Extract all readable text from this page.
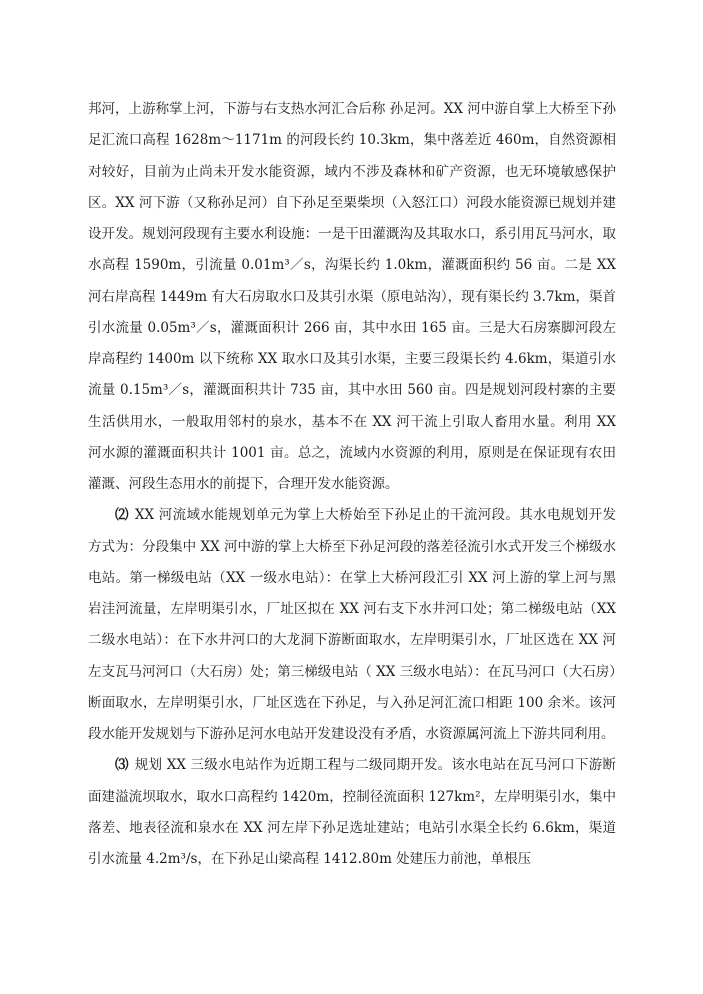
邦河，上游称掌上河，下游与右支热水河汇合后称 孙足河。XX 河中游自掌上大桥至下孙足汇流口高程 1628m～1171m 的河段长约 10.3km，集中落差近 460m，自然资源相对较好，目前为止尚未开发水能资源，域内不涉及森林和矿产资源，也无环境敏感保护区。XX 河下游（又称孙足河）自下孙足至栗柴坝（入怒江口）河段水能资源已规划并建设开发。规划河段现有主要水利设施：一是干田灌溉沟及其取水口，系引用瓦马河水，取水高程 1590m，引流量 0.01m³／s，沟渠长约 1.0km，灌溉面积约 56 亩。二是 XX 河右岸高程 1449m 有大石房取水口及其引水渠（原电站沟），现有渠长约 3.7km，渠首引水流量 0.05m³／s，灌溉面积计 266 亩，其中水田 165 亩。三是大石房寨脚河段左岸高程约 1400m 以下统称 XX 取水口及其引水渠，主要三段渠长约 4.6km，渠道引水流量 0.15m³／s，灌溉面积共计 735 亩，其中水田 560 亩。四是规划河段村寨的主要生活供用水，一般取用邻村的泉水，基本不在 XX 河干流上引取人畜用水量。利用 XX 河水源的灌溉面积共计 1001 亩。总之，流域内水资源的利用，原则是在保证现有农田灌溉、河段生态用水的前提下，合理开发水能资源。

⑵ XX 河流域水能规划单元为掌上大桥始至下孙足止的干流河段。其水电规划开发方式为：分段集中 XX 河中游的掌上大桥至下孙足河段的落差径流引水式开发三个梯级水电站。第一梯级电站（XX 一级水电站）：在掌上大桥河段汇引 XX 河上游的掌上河与黑岩洼河流量，左岸明渠引水，厂址区拟在 XX 河右支下水井河口处；第二梯级电站（XX 二级水电站）：在下水井河口的大龙洞下游断面取水，左岸明渠引水，厂址区选在 XX 河左支瓦马河河口（大石房）处；第三梯级电站（ XX 三级水电站）：在瓦马河口（大石房）断面取水，左岸明渠引水，厂址区选在下孙足，与入孙足河汇流口相距 100 余米。该河段水能开发规划与下游孙足河水电站开发建设没有矛盾，水资源属河流上下游共同利用。

⑶ 规划 XX 三级水电站作为近期工程与二级同期开发。该水电站在瓦马河口下游断面建溢流坝取水，取水口高程约 1420m，控制径流面积 127km²，左岸明渠引水，集中落差、地表径流和泉水在 XX 河左岸下孙足选址建站；电站引水渠全长约 6.6km，渠道引水流量 4.2m³/s，在下孙足山梁高程 1412.80m 处建压力前池，单根压
